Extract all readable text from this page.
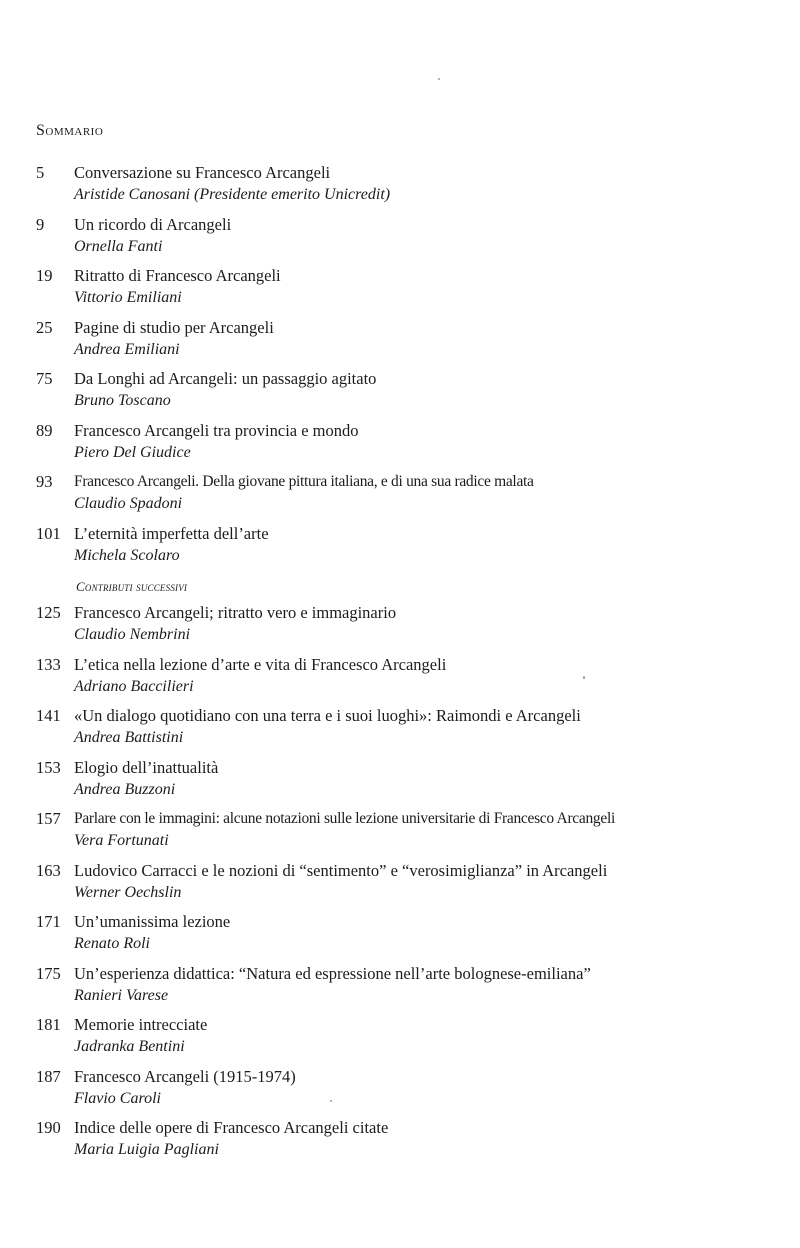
Sommario
5	Conversazione su Francesco Arcangeli
Aristide Canosani (Presidente emerito Unicredit)
9	Un ricordo di Arcangeli
Ornella Fanti
19	Ritratto di Francesco Arcangeli
Vittorio Emiliani
25	Pagine di studio per Arcangeli
Andrea Emiliani
75	Da Longhi ad Arcangeli: un passaggio agitato
Bruno Toscano
89	Francesco Arcangeli tra provincia e mondo
Piero Del Giudice
93	Francesco Arcangeli. Della giovane pittura italiana, e di una sua radice malata
Claudio Spadoni
101 L’eternità imperfetta dell’arte
Michela Scolaro
Contributi successivi
125 Francesco Arcangeli; ritratto vero e immaginario
Claudio Nembrini
133 L’etica nella lezione d’arte e vita di Francesco Arcangeli
Adriano Baccilieri
141 «Un dialogo quotidiano con una terra e i suoi luoghi»: Raimondi e Arcangeli
Andrea Battistini
153 Elogio dell’inattualità
Andrea Buzzoni
157 Parlare con le immagini: alcune notazioni sulle lezione universitarie di Francesco Arcangeli
Vera Fortunati
163 Ludovico Carracci e le nozioni di “sentimento” e “verosimiglianza” in Arcangeli
Werner Oechslin
171 Un’umanissima lezione
Renato Roli
175 Un’esperienza didattica: “Natura ed espressione nell’arte bolognese-emiliana”
Ranieri Varese
181 Memorie intrecciate
Jadranka Bentini
187 Francesco Arcangeli (1915-1974)
Flavio Caroli
190 Indice delle opere di Francesco Arcangeli citate
Maria Luigia Pagliani
